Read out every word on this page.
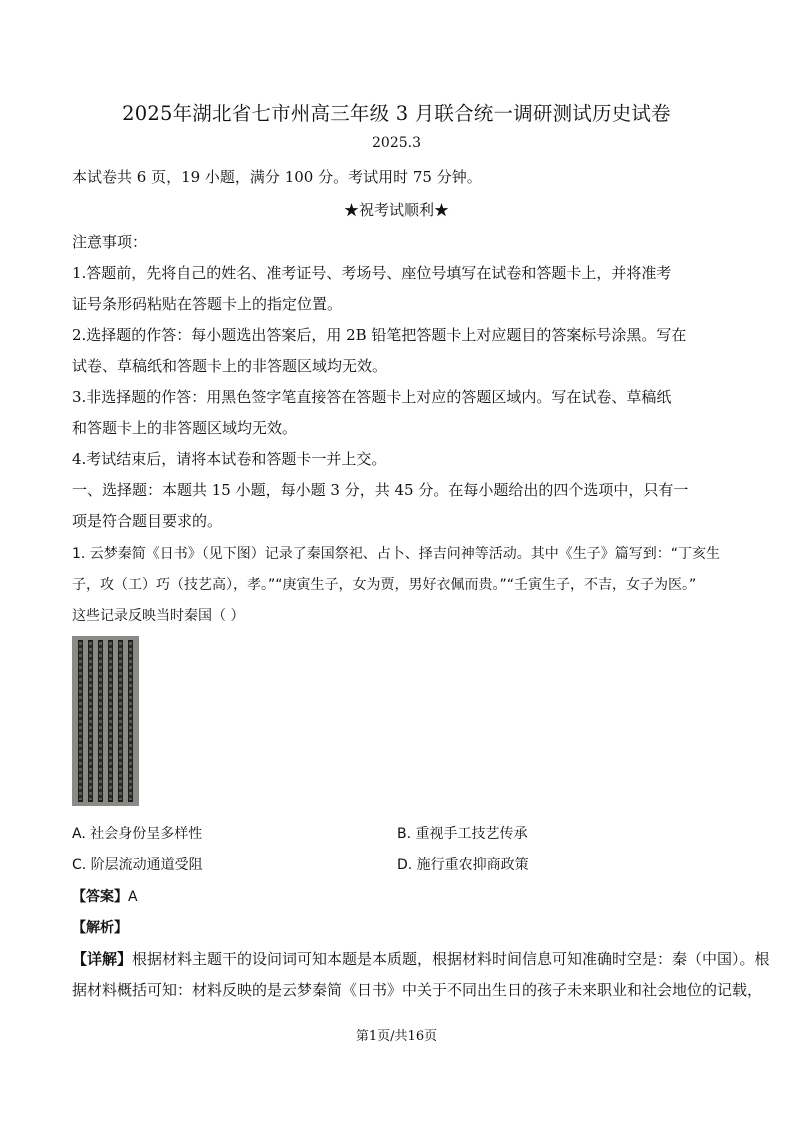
2025年湖北省七市州高三年级 3 月联合统一调研测试历史试卷
2025.3
本试卷共 6 页，19 小题，满分 100 分。考试用时 75 分钟。
★祝考试顺利★
注意事项：
1.答题前，先将自己的姓名、准考证号、考场号、座位号填写在试卷和答题卡上，并将准考
证号条形码粘贴在答题卡上的指定位置。
2.选择题的作答：每小题选出答案后，用 2B 铅笔把答题卡上对应题目的答案标号涂黑。写在
试卷、草稿纸和答题卡上的非答题区域均无效。
3.非选择题的作答：用黑色签字笔直接答在答题卡上对应的答题区域内。写在试卷、草稿纸
和答题卡上的非答题区域均无效。
4.考试结束后，请将本试卷和答题卡一并上交。
一、选择题：本题共 15 小题，每小题 3 分，共 45 分。在每小题给出的四个选项中，只有一
项是符合题目要求的。
1. 云梦秦简《日书》（见下图）记录了秦国祭祀、占卜、择吉问神等活动。其中《生子》篇写到：“丁亥生
子，攻（工）巧（技艺高），孝。”“庚寅生子，女为贾，男好衣佩而贵。”“壬寅生子，不吉，女子为医。”
这些记录反映当时秦国（ ）
A. 社会身份呈多样性	B. 重视手工技艺传承
C. 阶层流动通道受阻	D. 施行重农抑商政策
【答案】A
【解析】
【详解】根据材料主题干的设问词可知本题是本质题，根据材料时间信息可知准确时空是：秦（中国）。根
据材料概括可知：材料反映的是云梦秦简《日书》中关于不同出生日的孩子未来职业和社会地位的记载，
第1页/共16页
